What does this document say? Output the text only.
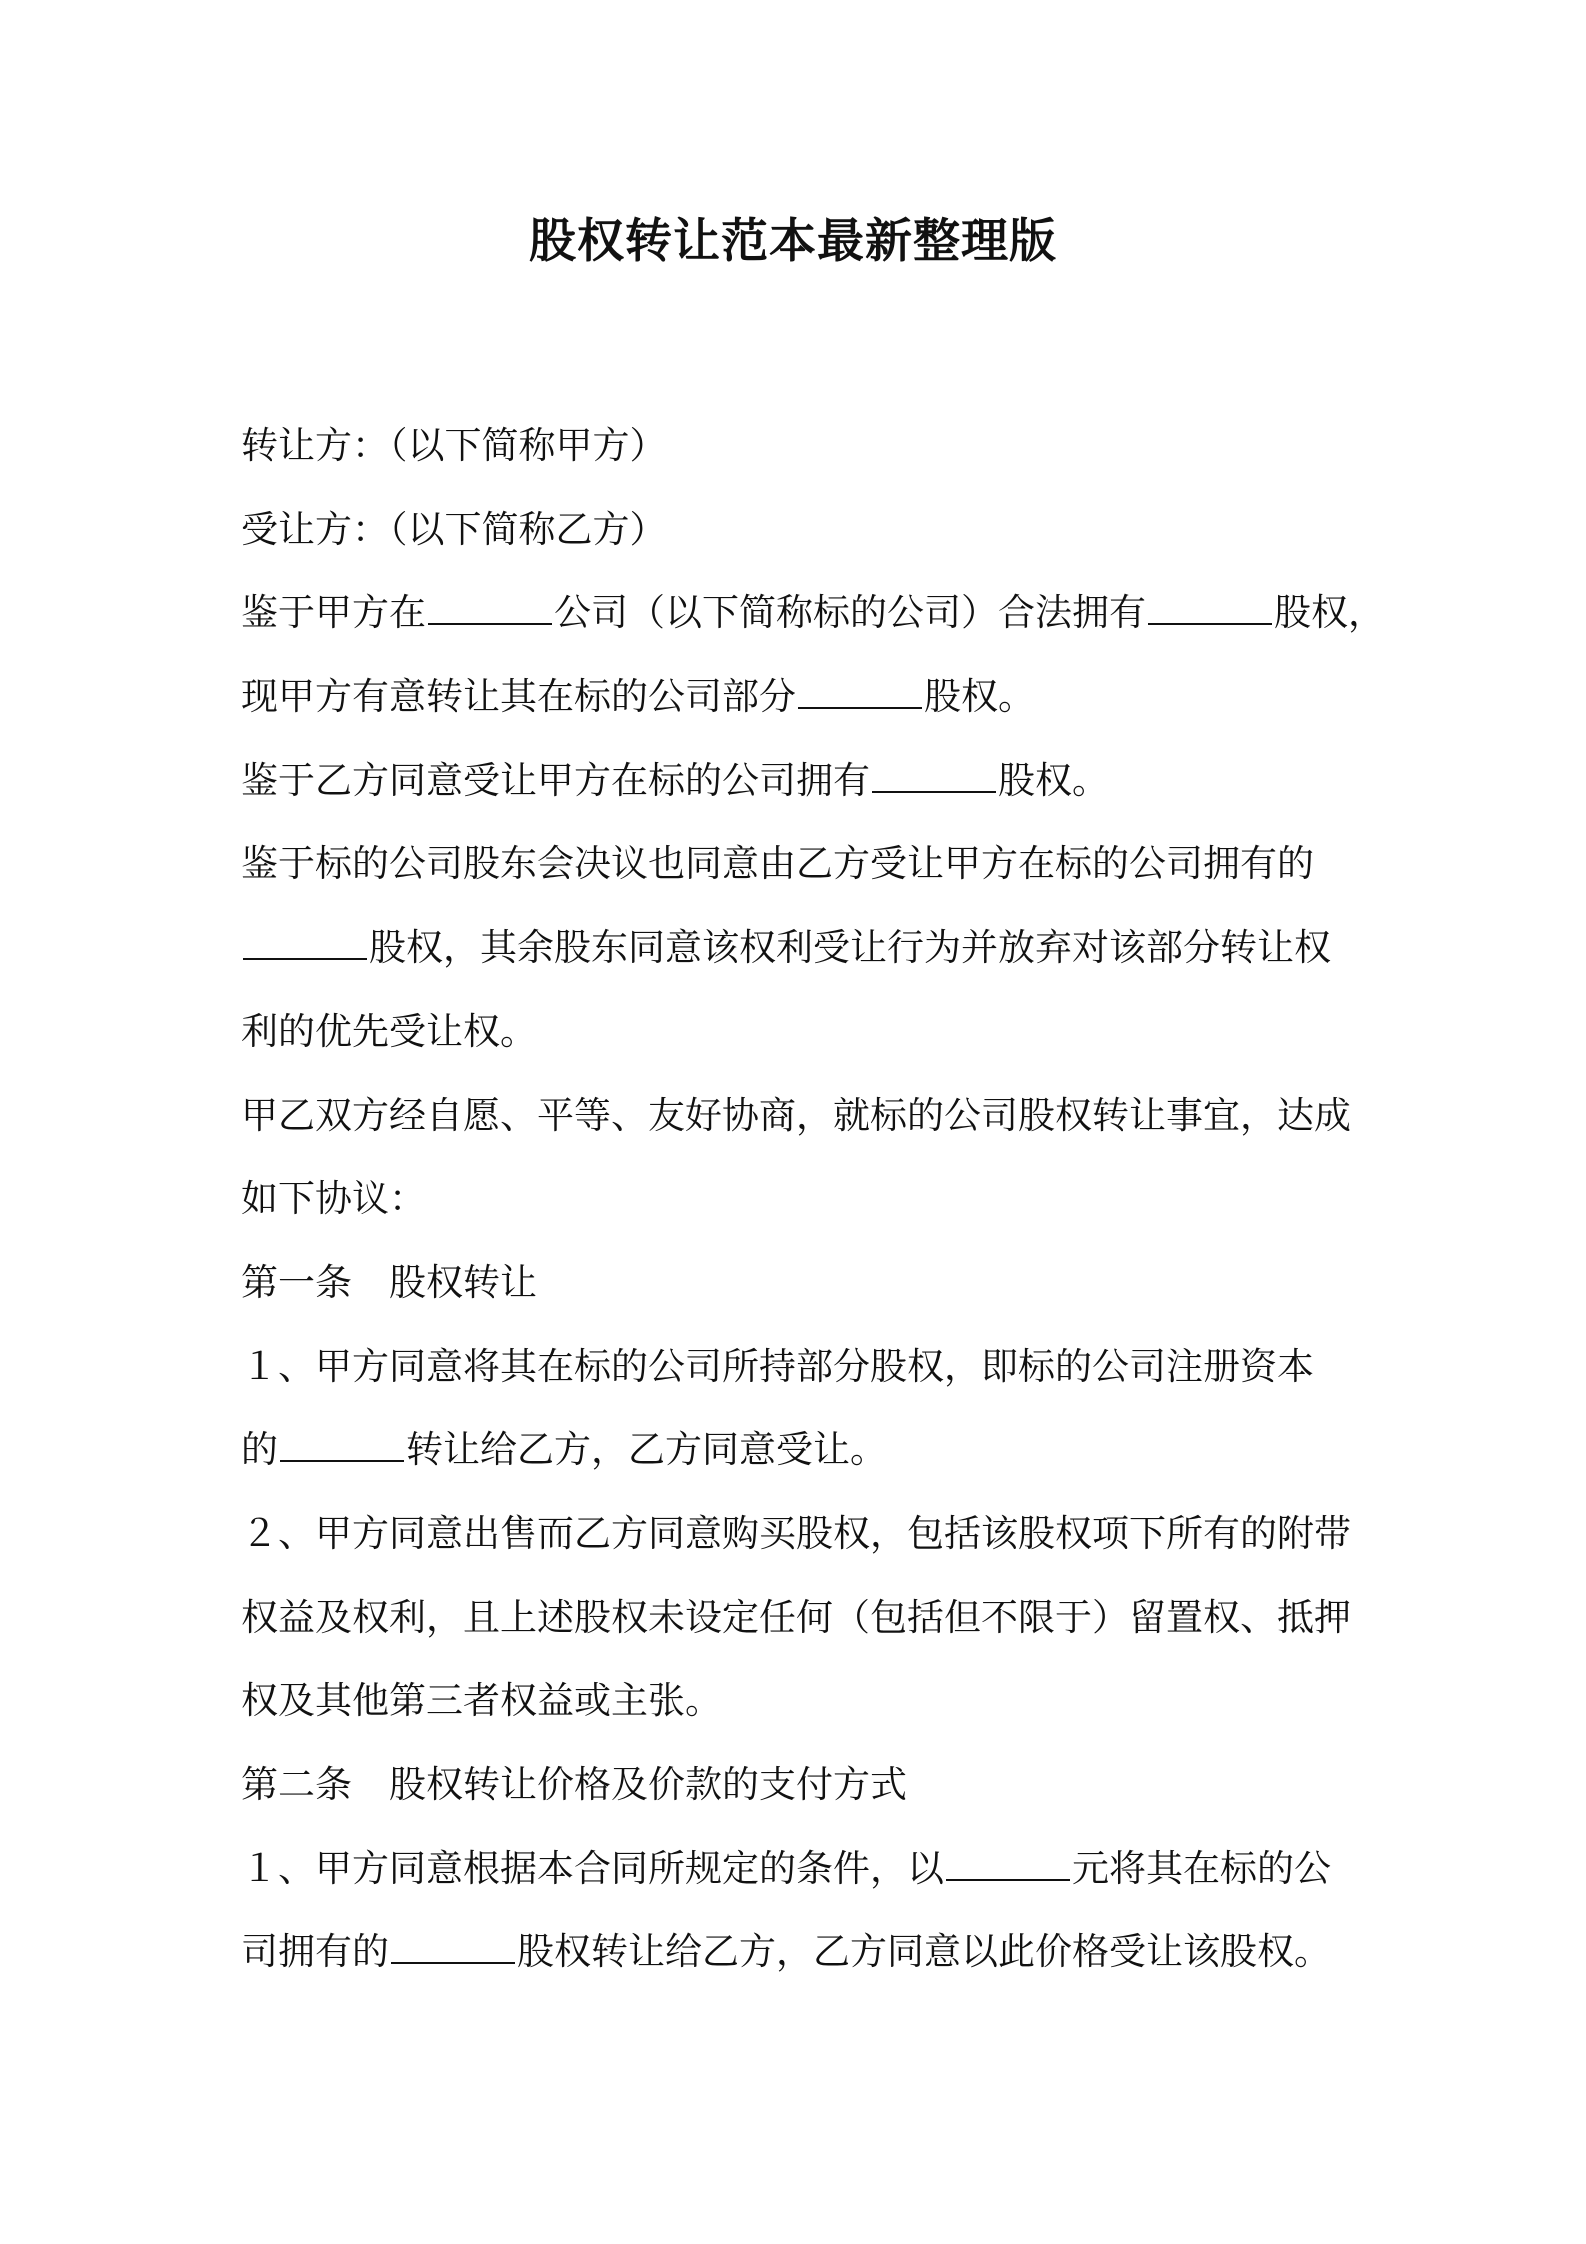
股权转让范本最新整理版

转让方：（以下简称甲方）

受让方：（以下简称乙方）

鉴于甲方在	公司（以下简称标的公司）合法拥有	股权，

现甲方有意转让其在标的公司部分	股权。

鉴于乙方同意受让甲方在标的公司拥有	股权。

鉴于标的公司股东会决议也同意由乙方受让甲方在标的公司拥有的

股权，其余股东同意该权利受让行为并放弃对该部分转让权

利的优先受让权。

甲乙双方经自愿、平等、友好协商，就标的公司股权转让事宜，达成

如下协议：

第一条　股权转让

１、甲方同意将其在标的公司所持部分股权，即标的公司注册资本

的	转让给乙方，乙方同意受让。

２、甲方同意出售而乙方同意购买股权，包括该股权项下所有的附带

权益及权利，且上述股权未设定任何（包括但不限于）留置权、抵押

权及其他第三者权益或主张。

第二条　股权转让价格及价款的支付方式

１、甲方同意根据本合同所规定的条件，以	元将其在标的公

司拥有的	股权转让给乙方，乙方同意以此价格受让该股权。
